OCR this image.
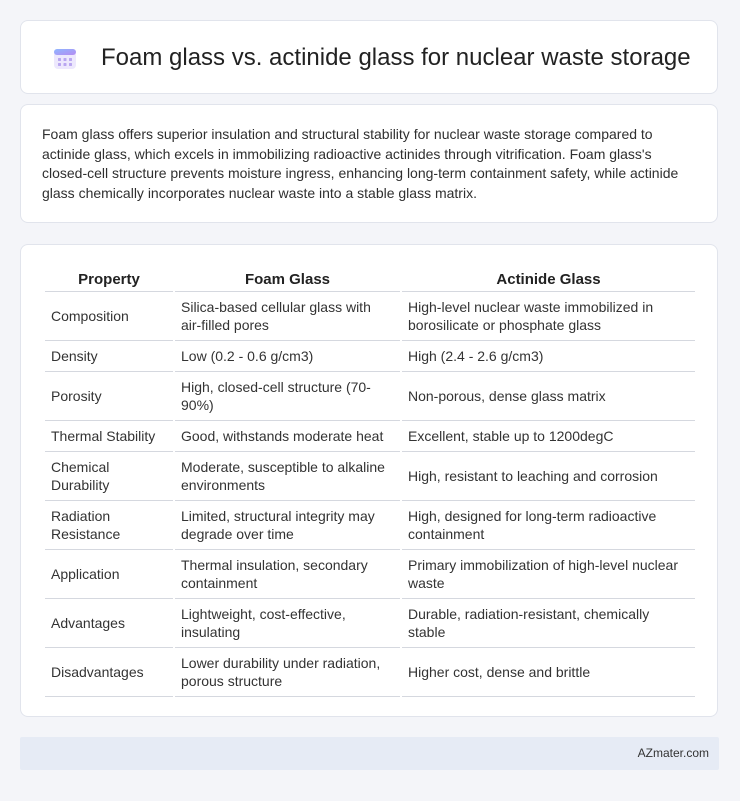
Foam glass vs. actinide glass for nuclear waste storage

Foam glass offers superior insulation and structural stability for nuclear waste storage compared to actinide glass, which excels in immobilizing radioactive actinides through vitrification. Foam glass's closed-cell structure prevents moisture ingress, enhancing long-term containment safety, while actinide glass chemically incorporates nuclear waste into a stable glass matrix.

Property	Foam Glass	Actinide Glass
Composition	Silica-based cellular glass with air-filled pores	High-level nuclear waste immobilized in borosilicate or phosphate glass
Density	Low (0.2 - 0.6 g/cm3)	High (2.4 - 2.6 g/cm3)
Porosity	High, closed-cell structure (70-90%)	Non-porous, dense glass matrix
Thermal Stability	Good, withstands moderate heat	Excellent, stable up to 1200degC
Chemical Durability	Moderate, susceptible to alkaline environments	High, resistant to leaching and corrosion
Radiation Resistance	Limited, structural integrity may degrade over time	High, designed for long-term radioactive containment
Application	Thermal insulation, secondary containment	Primary immobilization of high-level nuclear waste
Advantages	Lightweight, cost-effective, insulating	Durable, radiation-resistant, chemically stable
Disadvantages	Lower durability under radiation, porous structure	Higher cost, dense and brittle
AZmater.com
